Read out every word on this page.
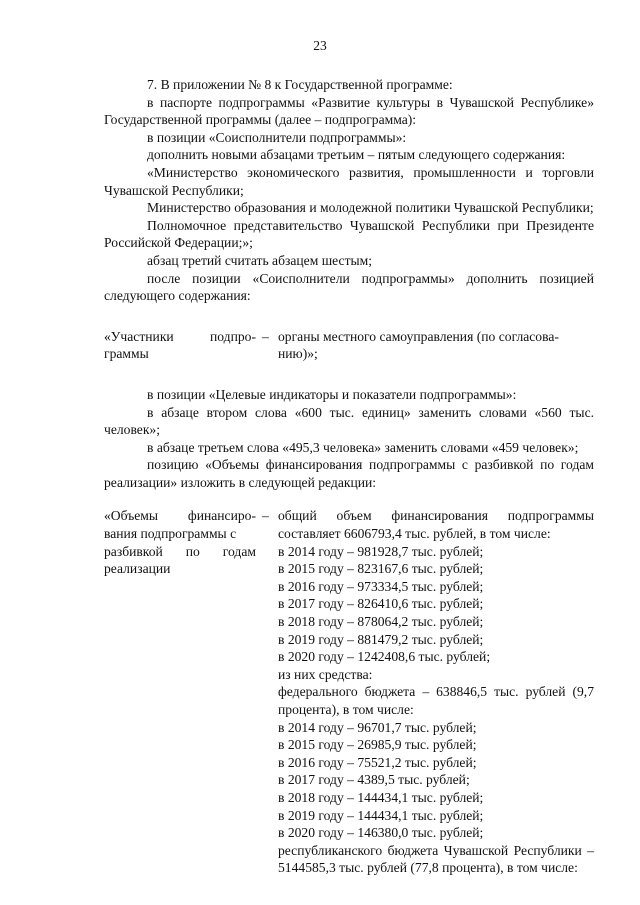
23

7. В приложении № 8 к Государственной программе:

в паспорте подпрограммы «Развитие культуры в Чувашской Республике» Государственной программы (далее – подпрограмма):

в позиции «Соисполнители подпрограммы»:

дополнить новыми абзацами третьим – пятым следующего содержания:

«Министерство экономического развития, промышленности и торговли Чувашской Республики;

Министерство образования и молодежной политики Чувашской Республики;

Полномочное представительство Чувашской Республики при Президенте Российской Федерации;»;

абзац третий считать абзацем шестым;

после позиции «Соисполнители подпрограммы» дополнить позицией следующего содержания:

«Участники	подпро-
граммы
– органы местного самоуправления (по согласова-
нию)»;

в позиции «Целевые индикаторы и показатели подпрограммы»:

в абзаце втором слова «600 тыс. единиц» заменить словами «560 тыс. человек»;

в абзаце третьем слова «495,3 человека» заменить словами «459 человек»;

позицию «Объемы финансирования подпрограммы с разбивкой по годам реализации» изложить в следующей редакции:

«Объемы финансиро-
вания подпрограммы с
разбивкой по годам
реализации
– общий объем финансирования подпрограммы составляет 6606793,4 тыс. рублей, в том числе:
в 2014 году – 981928,7 тыс. рублей;
в 2015 году – 823167,6 тыс. рублей;
в 2016 году – 973334,5 тыс. рублей;
в 2017 году – 826410,6 тыс. рублей;
в 2018 году – 878064,2 тыс. рублей;
в 2019 году – 881479,2 тыс. рублей;
в 2020 году – 1242408,6 тыс. рублей;
из них средства:
федерального бюджета – 638846,5 тыс. рублей (9,7 процента), в том числе:
в 2014 году – 96701,7 тыс. рублей;
в 2015 году – 26985,9 тыс. рублей;
в 2016 году – 75521,2 тыс. рублей;
в 2017 году – 4389,5 тыс. рублей;
в 2018 году – 144434,1 тыс. рублей;
в 2019 году – 144434,1 тыс. рублей;
в 2020 году – 146380,0 тыс. рублей;
республиканского бюджета Чувашской Республики – 5144585,3 тыс. рублей (77,8 процента), в том числе:
